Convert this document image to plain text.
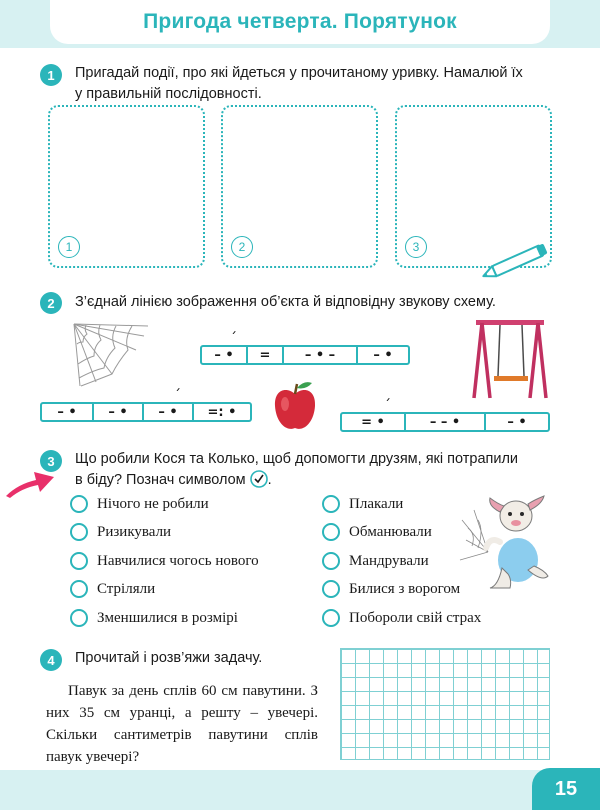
Пригода четверта. Порятунок
1	Пригадай події, про які йдеться у прочитаному уривку. Намалюй їх
у правильній послідовності.
1	2	3
2	З’єднай лінією зображення об’єкта й відповідну звукову схему.
– •
´
=	– • –	– •
– •	– •	– •
´
=: •
= •
´
– – •	– •
3	Що робили Кося та Колько, щоб допомогти друзям, які потрапили
в біду? Познач символом .
Нічого не робили
Ризикували
Навчилися чогось нового
Стріляли
Зменшилися в розмірі
Плакали
Обманювали
Мандрували
Билися з ворогом
Побороли свій страх
4	Прочитай і розв’яжи задачу.
Павук за день сплів 60 см павутини. З них 35 см уранці, а решту – увечері. Скільки сантиметрів павутини сплів павук увечері?
15
